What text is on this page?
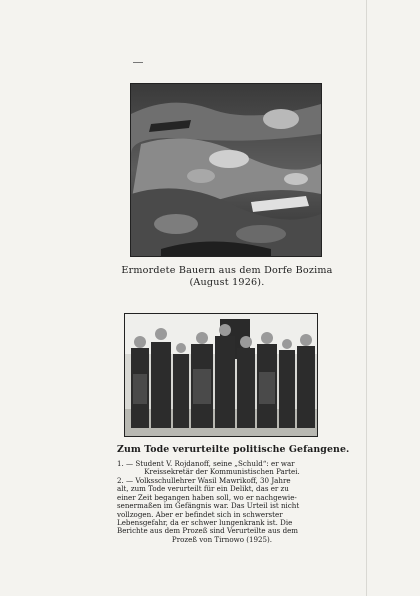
Ermordete Bauern aus dem Dorfe Bozima
(August 1926).
Zum Tode verurteilte politische Gefangene.
1. — Student V. Rojdanoff, seine „Schuld“: er war
Kreissekretär der Kommunistischen Partei.
2. — Volksschullehrer Wasil Mawrikoff, 30 Jahre
alt, zum Tode verurteilt für ein Delikt, das er zu
einer Zeit begangen haben soll, wo er nachgewie-
senermaßen im Gefängnis war. Das Urteil ist nicht
vollzogen. Aber er befindet sich in schwerster
Lebensgefahr, da er schwer lungenkrank ist. Die
Berichte aus dem Prozeß sind Verurteilte aus dem
Prozeß von Tirnowo (1925).
